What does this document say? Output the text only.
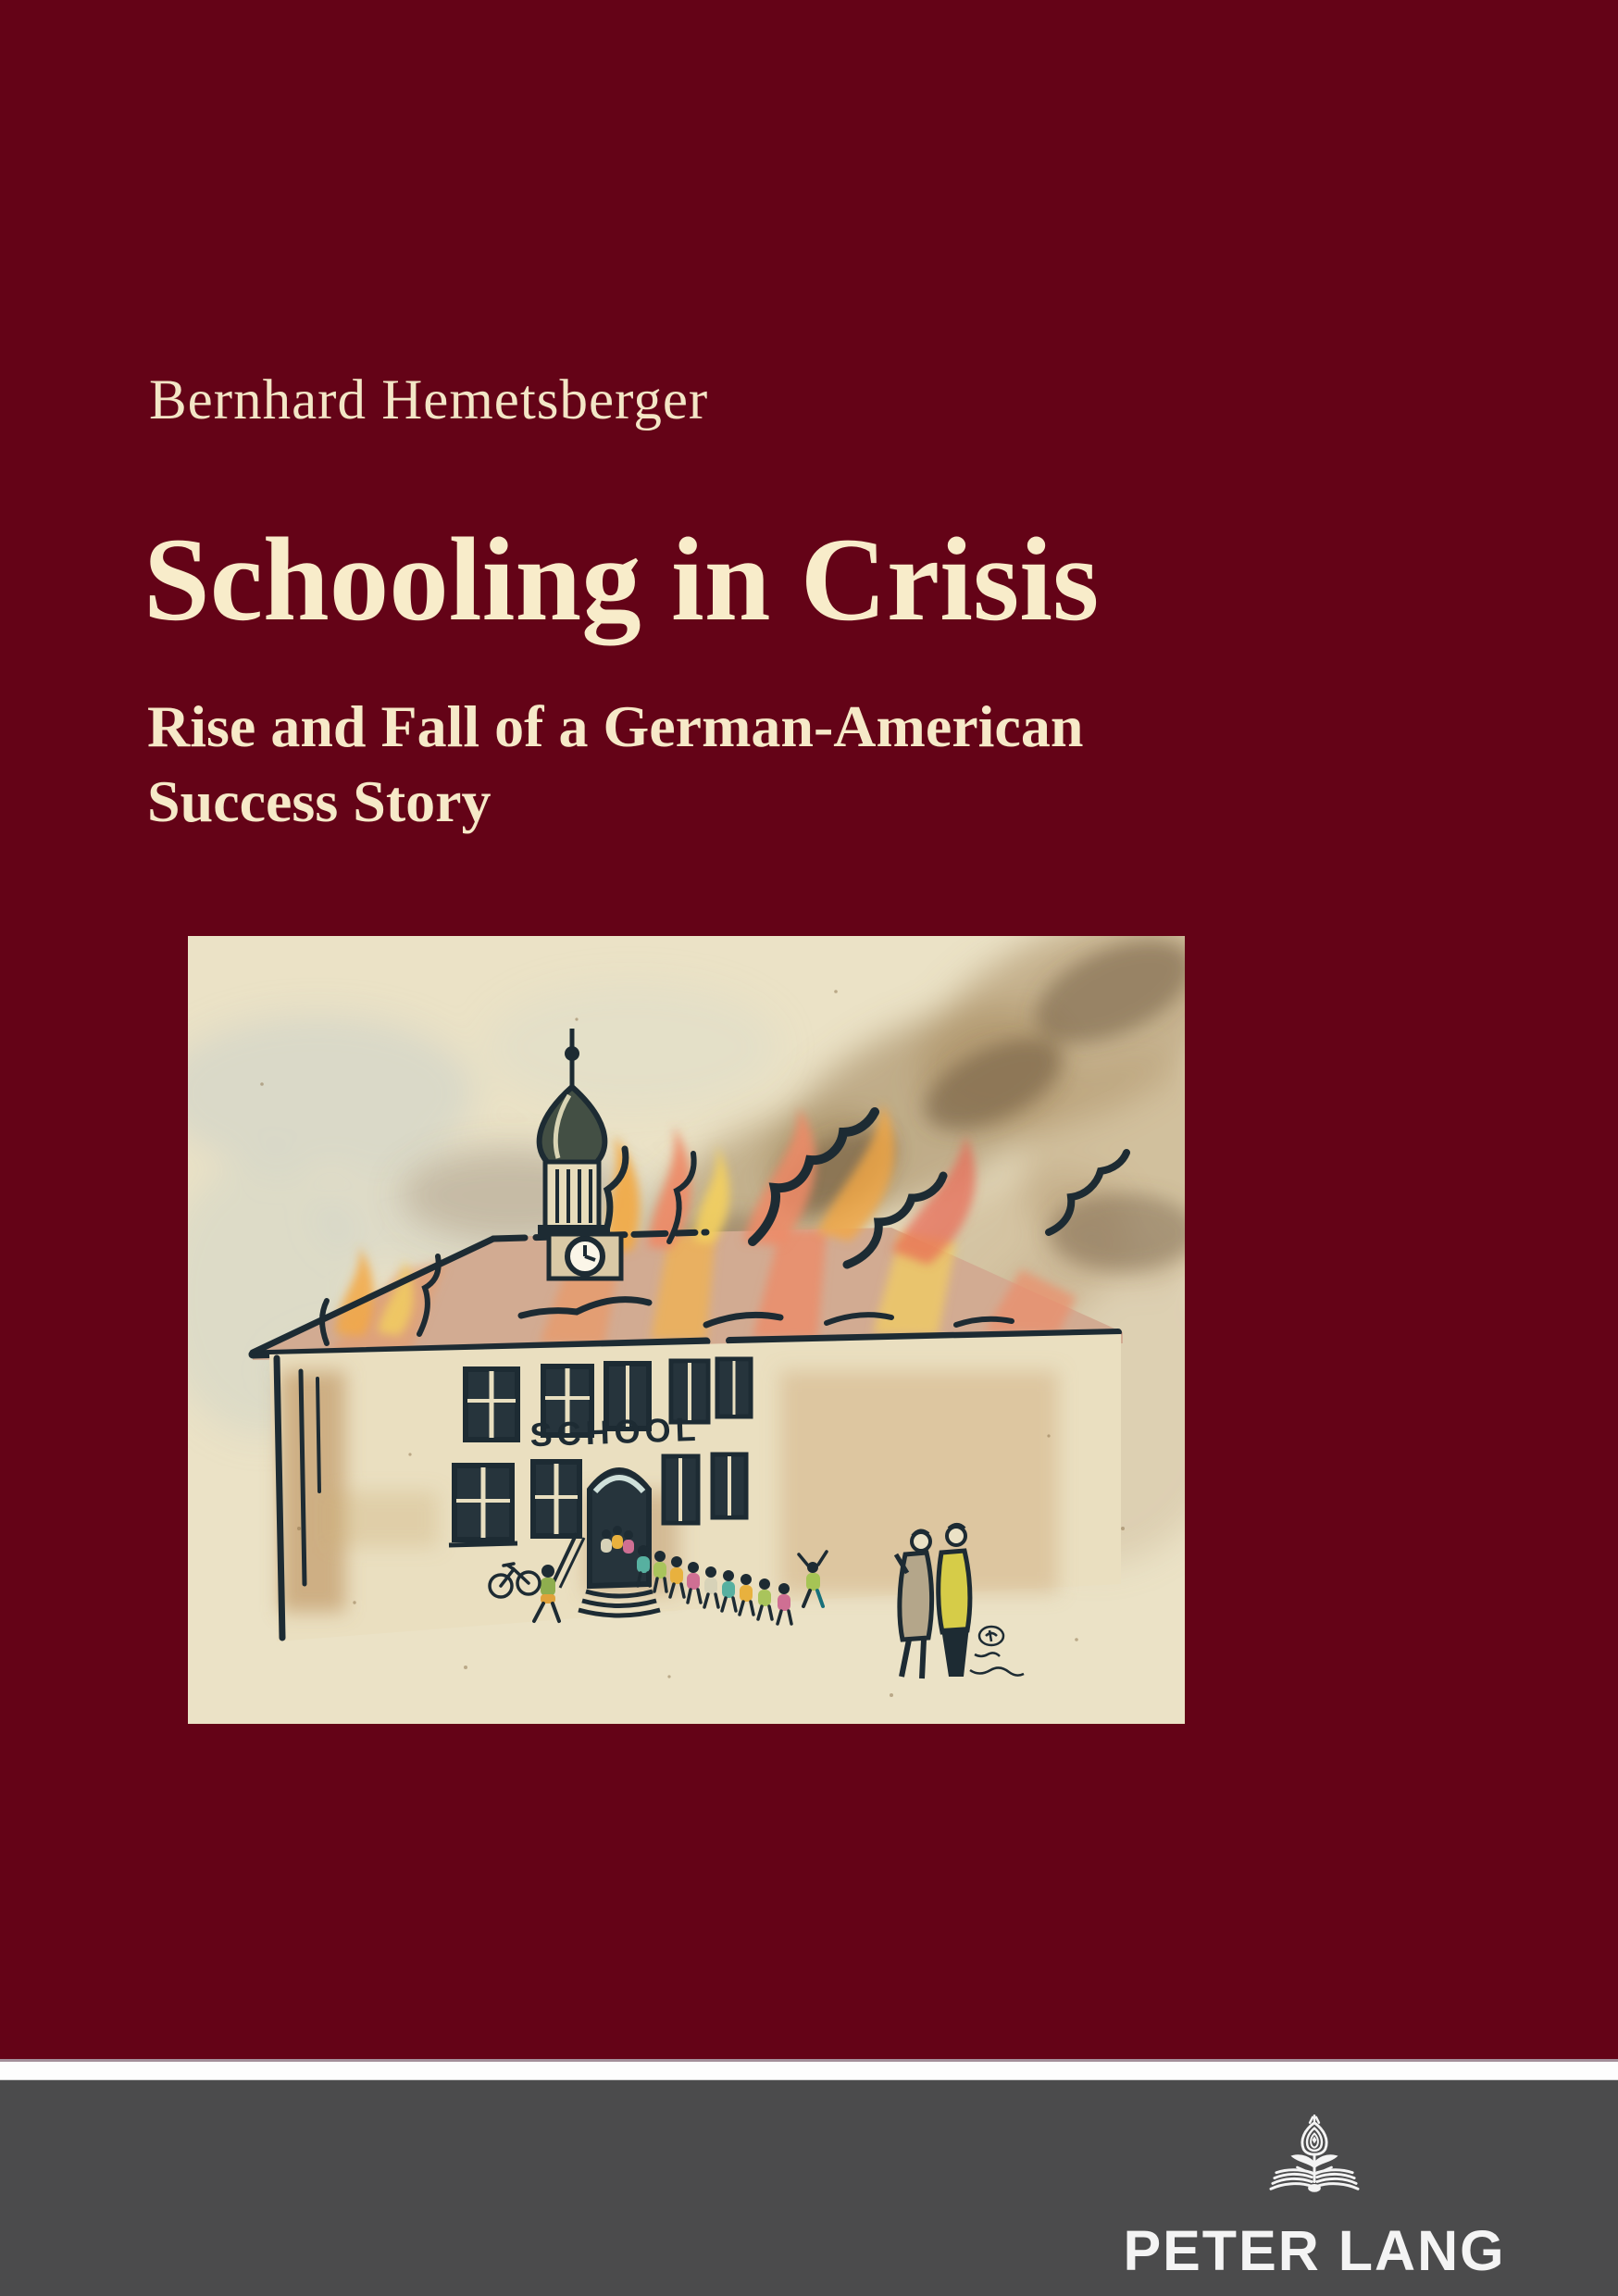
Bernhard Hemetsberger
Schooling in Crisis
Rise and Fall of a German-American
Success Story
SCHOOL
PETER LANG
